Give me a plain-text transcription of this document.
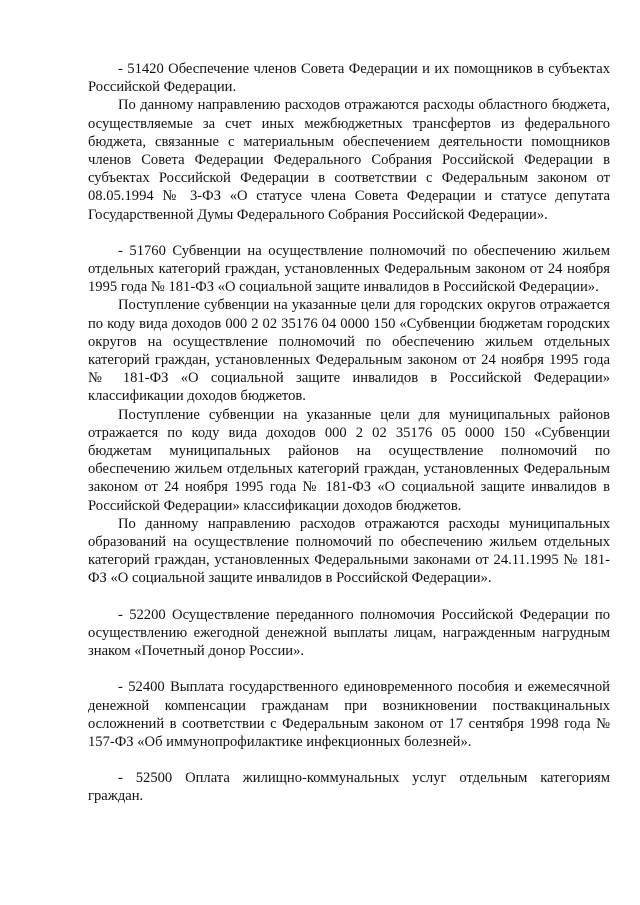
- 51420 Обеспечение членов Совета Федерации и их помощников в субъектах Российской Федерации.

По данному направлению расходов отражаются расходы областного бюджета, осуществляемые за счет иных межбюджетных трансфертов из федерального бюджета, связанные с материальным обеспечением деятельности помощников членов Совета Федерации Федерального Собрания Российской Федерации в субъектах Российской Федерации в соответствии с Федеральным законом от 08.05.1994 № 3-ФЗ «О статусе члена Совета Федерации и статусе депутата Государственной Думы Федерального Собрания Российской Федерации».

- 51760 Субвенции на осуществление полномочий по обеспечению жильем отдельных категорий граждан, установленных Федеральным законом от 24 ноября 1995 года № 181-ФЗ «О социальной защите инвалидов в Российской Федерации».

Поступление субвенции на указанные цели для городских округов отражается по коду вида доходов 000 2 02 35176 04 0000 150 «Субвенции бюджетам городских округов на осуществление полномочий по обеспечению жильем отдельных категорий граждан, установленных Федеральным законом от 24 ноября 1995 года № 181-ФЗ «О социальной защите инвалидов в Российской Федерации» классификации доходов бюджетов.

Поступление субвенции на указанные цели для муниципальных районов отражается по коду вида доходов 000 2 02 35176 05 0000 150 «Субвенции бюджетам муниципальных районов на осуществление полномочий по обеспечению жильем отдельных категорий граждан, установленных Федеральным законом от 24 ноября 1995 года № 181-ФЗ «О социальной защите инвалидов в Российской Федерации» классификации доходов бюджетов.

По данному направлению расходов отражаются расходы муниципальных образований на осуществление полномочий по обеспечению жильем отдельных категорий граждан, установленных Федеральными законами от 24.11.1995 № 181-ФЗ «О социальной защите инвалидов в Российской Федерации».

- 52200 Осуществление переданного полномочия Российской Федерации по осуществлению ежегодной денежной выплаты лицам, награжденным нагрудным знаком «Почетный донор России».

- 52400 Выплата государственного единовременного пособия и ежемесячной денежной компенсации гражданам при возникновении поствакцинальных осложнений в соответствии с Федеральным законом от 17 сентября 1998 года № 157-ФЗ «Об иммунопрофилактике инфекционных болезней».

- 52500 Оплата жилищно-коммунальных услуг отдельным категориям граждан.
